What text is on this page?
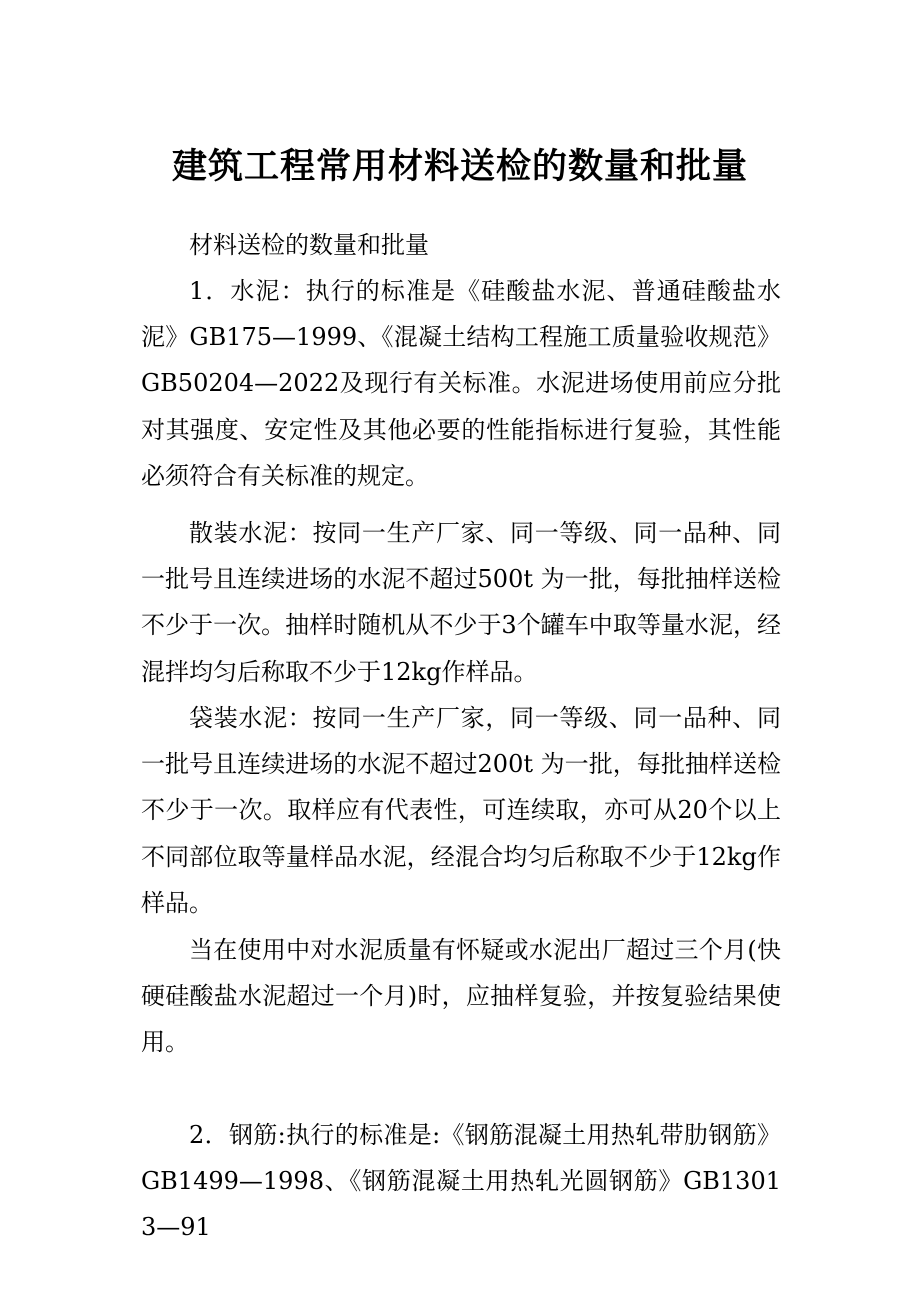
建筑工程常用材料送检的数量和批量
材料送检的数量和批量
1．水泥：执行的标准是《硅酸盐水泥、普通硅酸盐水泥》GB175—1999、《混凝土结构工程施工质量验收规范》GB50204—2022及现行有关标准。水泥进场使用前应分批对其强度、安定性及其他必要的性能指标进行复验，其性能必须符合有关标准的规定。
散装水泥：按同一生产厂家、同一等级、同一品种、同一批号且连续进场的水泥不超过500t 为一批，每批抽样送检不少于一次。抽样时随机从不少于3个罐车中取等量水泥，经混拌均匀后称取不少于12kg作样品。
袋装水泥：按同一生产厂家，同一等级、同一品种、同一批号且连续进场的水泥不超过200t 为一批，每批抽样送检不少于一次。取样应有代表性，可连续取，亦可从20个以上不同部位取等量样品水泥，经混合均匀后称取不少于12kg作样品。
当在使用中对水泥质量有怀疑或水泥出厂超过三个月(快硬硅酸盐水泥超过一个月)时，应抽样复验，并按复验结果使用。
2．钢筋:执行的标准是:《钢筋混凝土用热轧带肋钢筋》GB1499—1998、《钢筋混凝土用热轧光圆钢筋》GB13013—91
